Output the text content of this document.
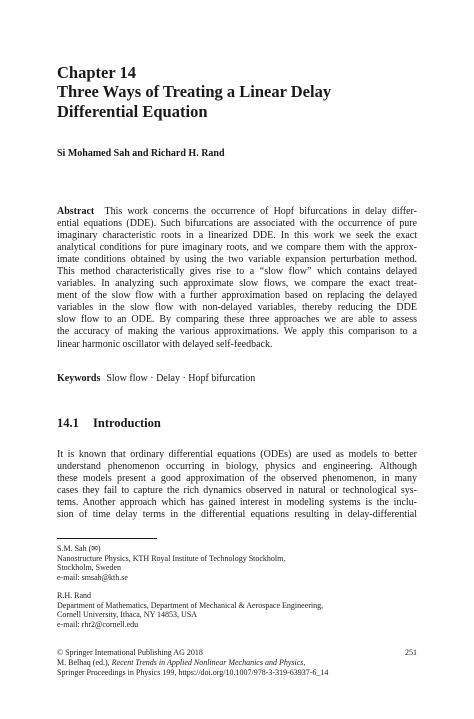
Chapter 14
Three Ways of Treating a Linear Delay
Differential Equation
Si Mohamed Sah and Richard H. Rand
Abstract This work concerns the occurrence of Hopf bifurcations in delay differ-
ential equations (DDE). Such bifurcations are associated with the occurrence of pure
imaginary characteristic roots in a linearized DDE. In this work we seek the exact
analytical conditions for pure imaginary roots, and we compare them with the approx-
imate conditions obtained by using the two variable expansion perturbation method.
This method characteristically gives rise to a “slow flow” which contains delayed
variables. In analyzing such approximate slow flows, we compare the exact treat-
ment of the slow flow with a further approximation based on replacing the delayed
variables in the slow flow with non-delayed variables, thereby reducing the DDE
slow flow to an ODE. By comparing these three approaches we are able to assess
the accuracy of making the various approximations. We apply this comparison to a
linear harmonic oscillator with delayed self-feedback.
Keywords Slow flow · Delay · Hopf bifurcation
14.1 Introduction
It is known that ordinary differential equations (ODEs) are used as models to better
understand phenomenon occurring in biology, physics and engineering. Although
these models present a good approximation of the observed phenomenon, in many
cases they fail to capture the rich dynamics observed in natural or technological sys-
tems. Another approach which has gained interest in modeling systems is the inclu-
sion of time delay terms in the differential equations resulting in delay-differential
S.M. Sah (✉)
Nanostructure Physics, KTH Royal Institute of Technology Stockholm,
Stockholm, Sweden
e-mail: smsah@kth.se
R.H. Rand
Department of Mathematics, Department of Mechanical & Aerospace Engineering,
Cornell University, Ithaca, NY 14853, USA
e-mail: rhr2@cornell.edu
251
© Springer International Publishing AG 2018
M. Belhaq (ed.), Recent Trends in Applied Nonlinear Mechanics and Physics,
Springer Proceedings in Physics 199, https://doi.org/10.1007/978-3-319-63937-6_14
